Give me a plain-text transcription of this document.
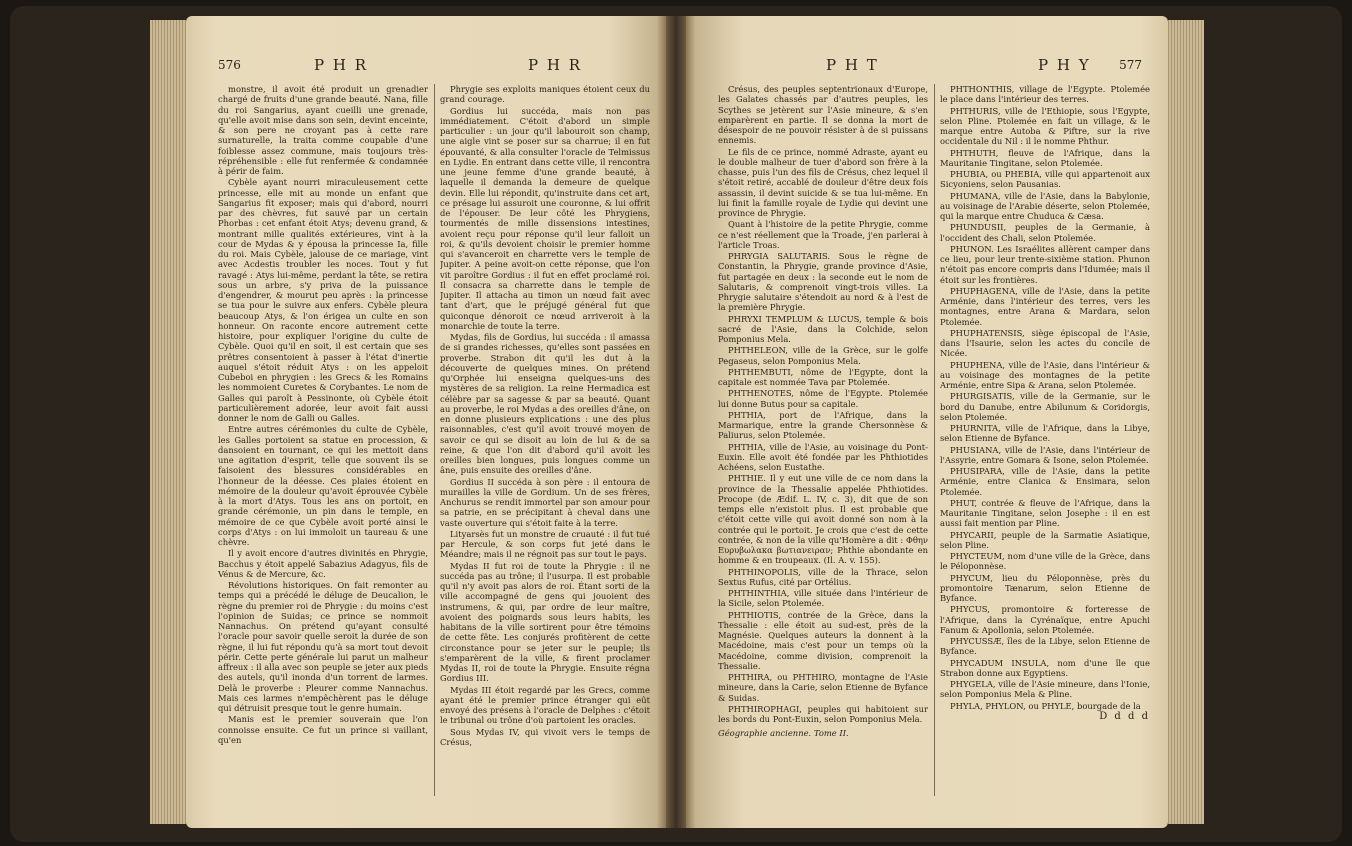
576	P H R	P H R

monstre, il avoit été produit un grenadier chargé de fruits d'une grande beauté. Nana, fille du roi Sangarius, ayant cueilli une grenade, qu'elle avoit mise dans son sein, devint enceinte, & son pere ne croyant pas à cette rare surnaturelle, la traita comme coupable d'une foiblesse assez commune, mais toujours très-répréhensible : elle fut renfermée & condamnée à périr de faim.

Cybèle ayant nourri miraculeusement cette princesse, elle mit au monde un enfant que Sangarius fit exposer; mais qui d'abord, nourri par des chèvres, fut sauvé par un certain Phorbas : cet enfant étoit Atys; devenu grand, & montrant mille qualités extérieures, vint à la cour de Mydas & y épousa la princesse Ia, fille du roi. Mais Cybèle, jalouse de ce mariage, vint avec Acdestis troubler les noces. Tout y fut ravagé : Atys lui-même, perdant la tête, se retira sous un arbre, s'y priva de la puissance d'engendrer, & mourut peu après : la princesse se tua pour le suivre aux enfers. Cybèle pleura beaucoup Atys, & l'on érigea un culte en son honneur. On raconte encore autrement cette histoire, pour expliquer l'origine du culte de Cybèle. Quoi qu'il en soit, il est certain que ses prêtres consentoient à passer à l'état d'inertie auquel s'étoit réduit Atys : on les appeloit Cubeboi en phrygien : les Grecs & les Romains les nommoient Curetes & Corybantes. Le nom de Galles qui paroît à Pessinonte, où Cybèle étoit particulièrement adorée, leur avoit fait aussi donner le nom de Galli ou Galles.

Entre autres cérémonies du culte de Cybèle, les Galles portoient sa statue en procession, & dansoient en tournant, ce qui les mettoit dans une agitation d'esprit, telle que souvent ils se faisoient des blessures considérables en l'honneur de la déesse. Ces plaies étoient en mémoire de la douleur qu'avoit éprouvée Cybèle à la mort d'Atys. Tous les ans on portoit, en grande cérémonie, un pin dans le temple, en mémoire de ce que Cybèle avoit porté ainsi le corps d'Atys : on lui immoloit un taureau & une chèvre.

Il y avoit encore d'autres divinités en Phrygie, Bacchus y étoit appelé Sabazius Adagyus, fils de Vénus & de Mercure, &c.

Révolutions historiques. On fait remonter au temps qui a précédé le déluge de Deucalion, le règne du premier roi de Phrygie : du moins c'est l'opinion de Suidas; ce prince se nommoit Nannachus. On prétend qu'ayant consulté l'oracle pour savoir quelle seroit la durée de son règne, il lui fut répondu qu'à sa mort tout devoit périr. Cette perte générale lui parut un malheur affreux : il alla avec son peuple se jeter aux pieds des autels, qu'il inonda d'un torrent de larmes. Delà le proverbe : Pleurer comme Nannachus. Mais ces larmes n'empêchèrent pas le déluge qui détruisit presque tout le genre humain.

Manis est le premier souverain que l'on connoisse ensuite. Ce fut un prince si vaillant, qu'en

Phrygie ses exploits maniques étoient ceux du grand courage.

Gordius lui succéda, mais non pas immédiatement. C'étoit d'abord un simple particulier : un jour qu'il labouroit son champ, une aigle vint se poser sur sa charrue; il en fut épouvanté, & alla consulter l'oracle de Telmissus en Lydie. En entrant dans cette ville, il rencontra une jeune femme d'une grande beauté, à laquelle il demanda la demeure de quelque devin. Elle lui répondit, qu'instruite dans cet art, ce présage lui assuroit une couronne, & lui offrit de l'épouser. De leur côté les Phrygiens, tourmentés de mille dissensions intestines, avoient reçu pour réponse qu'il leur falloit un roi, & qu'ils devoient choisir le premier homme qui s'avanceroit en charrette vers le temple de Jupiter. A peine avoit-on cette réponse, que l'on vit paroître Gordius : il fut en effet proclamé roi. Il consacra sa charrette dans le temple de Jupiter. Il attacha au timon un nœud fait avec tant d'art, que le préjugé général fut que quiconque dénoroit ce nœud arriveroit à la monarchie de toute la terre.

Mydas, fils de Gordius, lui succéda : il amassa de si grandes richesses, qu'elles sont passées en proverbe. Strabon dit qu'il les dut à la découverte de quelques mines. On prétend qu'Orphée lui enseigna quelques-uns des mystères de sa religion. La reine Hermadica est célèbre par sa sagesse & par sa beauté. Quant au proverbe, le roi Mydas a des oreilles d'âne, on en donne plusieurs explications : une des plus raisonnables, c'est qu'il avoit trouvé moyen de savoir ce qui se disoit au loin de lui & de sa reine, & que l'on dit d'abord qu'il avoit les oreilles bien longues, puis longues comme un âne, puis ensuite des oreilles d'âne.

Gordius II succéda à son père : il entoura de murailles la ville de Gordium. Un de ses frères, Anchurus se rendit immortel par son amour pour sa patrie, en se précipitant à cheval dans une vaste ouverture qui s'étoit faite à la terre.

Lityarsès fut un monstre de cruauté : il fut tué par Hercule, & son corps fut jeté dans le Méandre; mais il ne régnoit pas sur tout le pays.

Mydas II fut roi de toute la Phrygie : il ne succéda pas au trône; il l'usurpa. Il est probable qu'il n'y avoit pas alors de roi. Étant sorti de la ville accompagné de gens qui jouoient des instrumens, & qui, par ordre de leur maître, avoient des poignards sous leurs habits, les habitans de la ville sortirent pour être témoins de cette fête. Les conjurés profitèrent de cette circonstance pour se jeter sur le peuple; ils s'emparèrent de la ville, & firent proclamer Mydas II, roi de toute la Phrygie. Ensuite régna Gordius III.

Mydas III étoit regardé par les Grecs, comme ayant été le premier prince étranger qui eût envoyé des présens à l'oracle de Delphes : c'étoit le tribunal ou trône d'où partoient les oracles.

Sous Mydas IV, qui vivoit vers le temps de Crésus,

P H T	P H Y 577

Crésus, des peuples septentrionaux d'Europe, les Galates chassés par d'autres peuples, les Scythes se jetèrent sur l'Asie mineure, & s'en emparèrent en partie. Il se donna la mort de désespoir de ne pouvoir résister à de si puissans ennemis.

Le fils de ce prince, nommé Adraste, ayant eu le double malheur de tuer d'abord son frère à la chasse, puis l'un des fils de Crésus, chez lequel il s'étoit retiré, accablé de douleur d'être deux fois assassin, il devint suicide & se tua lui-même. En lui finit la famille royale de Lydie qui devint une province de Phrygie.

Quant à l'histoire de la petite Phrygie, comme ce n'est réellement que la Troade, j'en parlerai à l'article Troas.

PHRYGIA SALUTARIS. Sous le règne de Constantin, la Phrygie, grande province d'Asie, fut partagée en deux : la seconde eut le nom de Salutaris, & comprenoit vingt-trois villes. La Phrygie salutaire s'étendoit au nord & à l'est de la première Phrygie.

PHRYXI TEMPLUM & LUCUS, temple & bois sacré de l'Asie, dans la Colchide, selon Pomponius Mela.

PHTHELEON, ville de la Grèce, sur le golfe Pegaseus, selon Pomponius Mela.

PHTHEMBUTI, nôme de l'Egypte, dont la capitale est nommée Tava par Ptolemée.

PHTHENOTES, nôme de l'Egypte. Ptolemée lui donne Butus pour sa capitale.

PHTHIA, port de l'Afrique, dans la Marmarique, entre la grande Chersonnèse & Paliurus, selon Ptolemée.

PHTHIA, ville de l'Asie, au voisinage du Pont-Euxin. Elle avoit été fondée par les Phthiotides Achéens, selon Eustathe.

PHTHIE. Il y eut une ville de ce nom dans la province de la Thessalie appelée Phthiotides. Procope (de Ædif. L. IV, c. 3), dit que de son temps elle n'existoit plus. Il est probable que c'étoit cette ville qui avoit donné son nom à la contrée qui le portoit. Je crois que c'est de cette contrée, & non de la ville qu'Homère a dit : Φθην Ευρυβωλακα βωτιανειραν; Phthie abondante en homme & en troupeaux. (Il. A. v. 155).

PHTHINOPOLIS, ville de la Thrace, selon Sextus Rufus, cité par Ortélius.

PHTHINTHIA, ville située dans l'intérieur de la Sicile, selon Ptolemée.

PHTHIOTIS, contrée de la Grèce, dans la Thessalie : elle étoit au sud-est, près de la Magnésie. Quelques auteurs la donnent à la Macédoine, mais c'est pour un temps où la Macédoine, comme division, comprenoit la Thessalie.

PHTHIRA, ou PHTHIRO, montagne de l'Asie mineure, dans la Carie, selon Etienne de Byfance & Suidas.

PHTHIROPHAGI, peuples qui habitoient sur les bords du Pont-Euxin, selon Pomponius Mela.

Géographie ancienne. Tome II.

PHTHONTHIS, village de l'Egypte. Ptolemée le place dans l'intérieur des terres.

PHTHURIS, ville de l'Ethiopie, sous l'Egypte, selon Pline. Ptolemée en fait un village, & le marque entre Autoba & Piftre, sur la rive occidentale du Nil : il le nomme Phthur.

PHTHUTH, fleuve de l'Afrique, dans la Mauritanie Tingitane, selon Ptolemée.

PHUBIA, ou PHEBIA, ville qui appartenoit aux Sicyoniens, selon Pausanias.

PHUMANA, ville de l'Asie, dans la Babylonie, au voisinage de l'Arabie déserte, selon Ptolemée, qui la marque entre Chuduca & Cæsa.

PHUNDUSII, peuples de la Germanie, à l'occident des Chali, selon Ptolemée.

PHUNON. Les Israélites allèrent camper dans ce lieu, pour leur trente-sixième station. Phunon n'étoit pas encore compris dans l'Idumée; mais il étoit sur les frontières.

PHUPHAGENA, ville de l'Asie, dans la petite Arménie, dans l'intérieur des terres, vers les montagnes, entre Arana & Mardara, selon Ptolemée.

PHUPHATENSIS, siège épiscopal de l'Asie, dans l'Isaurie, selon les actes du concile de Nicée.

PHUPHENA, ville de l'Asie, dans l'intérieur & au voisinage des montagnes de la petite Arménie, entre Sipa & Arana, selon Ptolemée.

PHURGISATIS, ville de la Germanie, sur le bord du Danube, entre Abilunum & Coridorgis, selon Ptolemée.

PHURNITA, ville de l'Afrique, dans la Libye, selon Etienne de Byfance.

PHUSIANA, ville de l'Asie, dans l'intérieur de l'Assyrie, entre Gomara & Isone, selon Ptolemée.

PHUSIPARA, ville de l'Asie, dans la petite Arménie, entre Clanica & Ensimara, selon Ptolemée.

PHUT, contrée & fleuve de l'Afrique, dans la Mauritanie Tingitane, selon Josephe : il en est aussi fait mention par Pline.

PHYCARII, peuple de la Sarmatie Asiatique, selon Pline.

PHYCTEUM, nom d'une ville de la Grèce, dans le Péloponnèse.

PHYCUM, lieu du Péloponnèse, près du promontoire Tænarum, selon Etienne de Byfance.

PHYCUS, promontoire & forteresse de l'Afrique, dans la Cyrénaïque, entre Apuchi Fanum & Apollonia, selon Ptolemée.

PHYCUSSÆ, îles de la Libye, selon Etienne de Byfance.

PHYCADUM INSULA, nom d'une île que Strabon donne aux Egyptiens.

PHYGELA, ville de l'Asie mineure, dans l'Ionie, selon Pomponius Mela & Pline.

PHYLA, PHYLON, ou PHYLE, bourgade de la

D d d d
